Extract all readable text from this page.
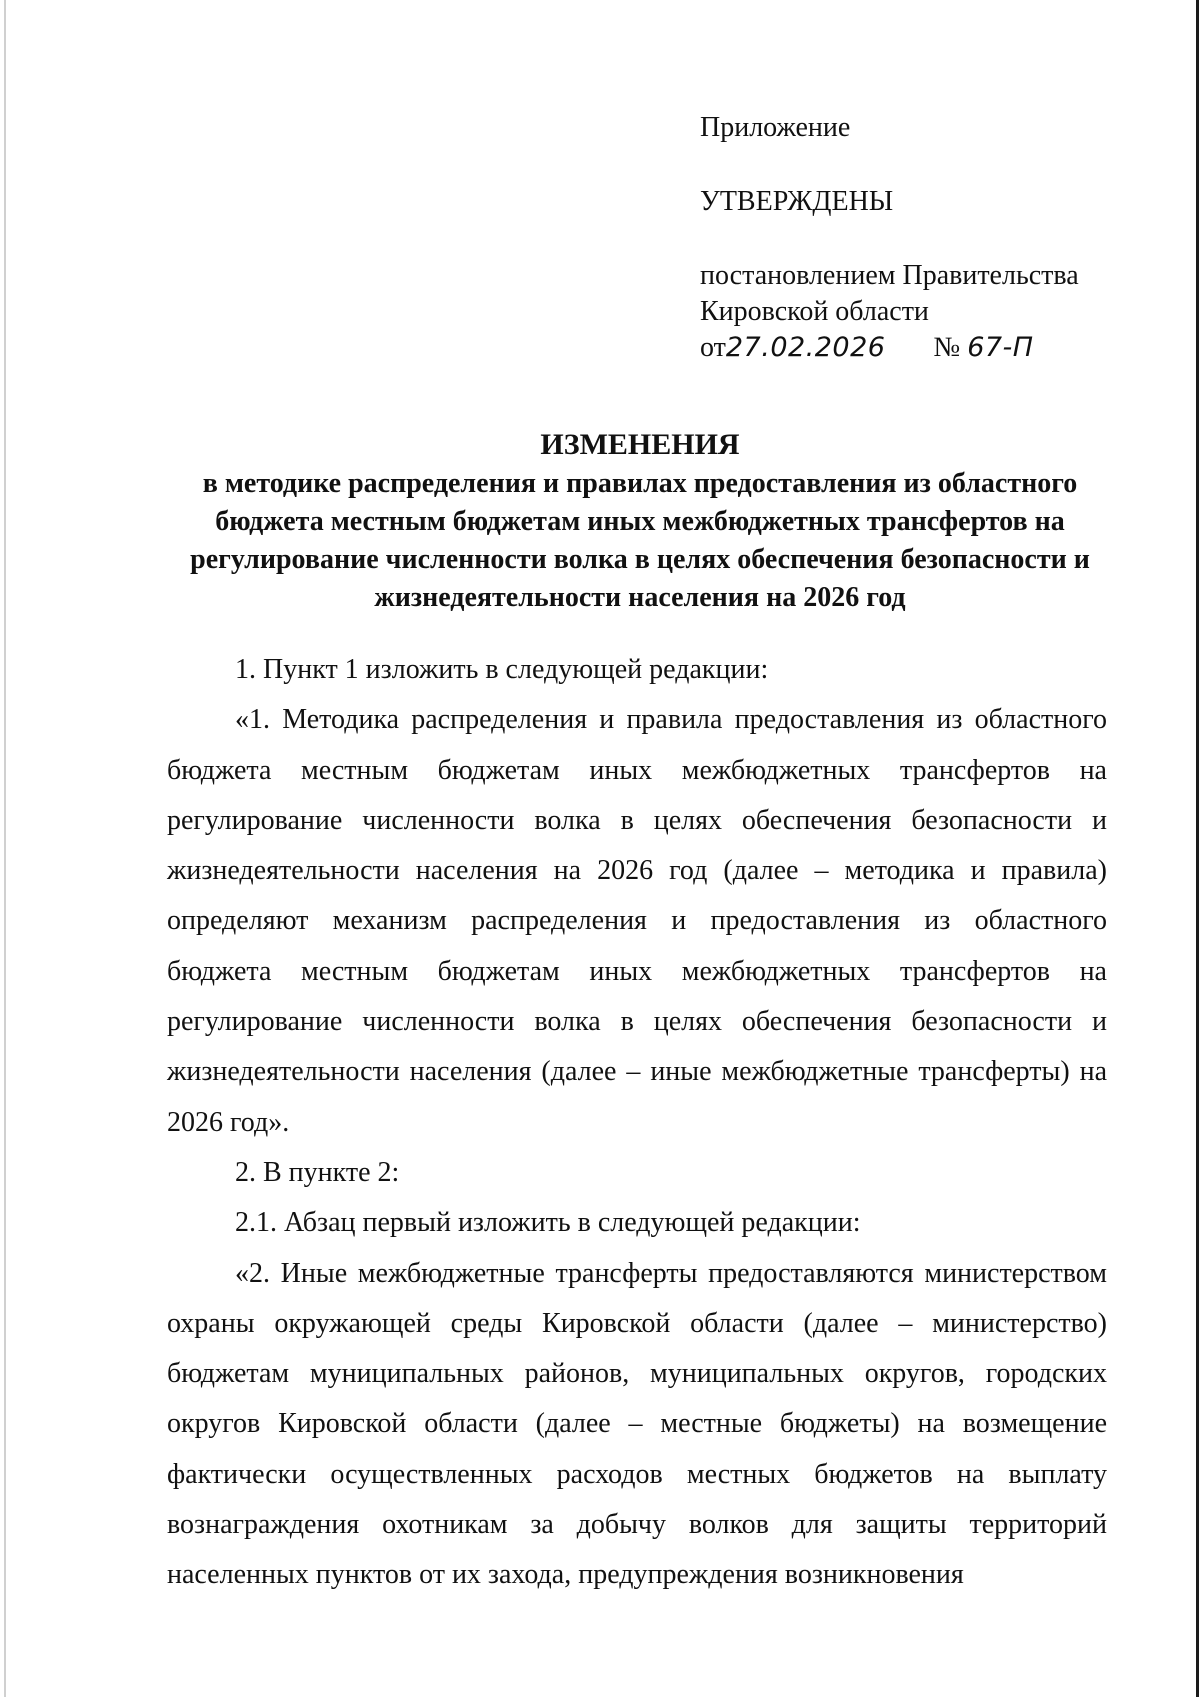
Приложение
УТВЕРЖДЕНЫ
постановлением Правительства
Кировской области
от27.02.2026 № 67-П
ИЗМЕНЕНИЯ
в методике распределения и правилах предоставления из областного
бюджета местным бюджетам иных межбюджетных трансфертов на
регулирование численности волка в целях обеспечения безопасности и
жизнедеятельности населения на 2026 год

1. Пункт 1 изложить в следующей редакции:

«1. Методика распределения и правила предоставления из областного бюджета местным бюджетам иных межбюджетных трансфертов на регулирование численности волка в целях обеспечения безопасности и жизнедеятельности населения на 2026 год (далее – методика и правила) определяют механизм распределения и предоставления из областного бюджета местным бюджетам иных межбюджетных трансфертов на регулирование численности волка в целях обеспечения безопасности и жизнедеятельности населения (далее – иные межбюджетные трансферты) на 2026 год».

2. В пункте 2:

2.1. Абзац первый изложить в следующей редакции:

«2. Иные межбюджетные трансферты предоставляются министерством охраны окружающей среды Кировской области (далее – министерство) бюджетам муниципальных районов, муниципальных округов, городских округов Кировской области (далее – местные бюджеты) на возмещение фактически осуществленных расходов местных бюджетов на выплату вознаграждения охотникам за добычу волков для защиты территорий населенных пунктов от их захода, предупреждения возникновения
